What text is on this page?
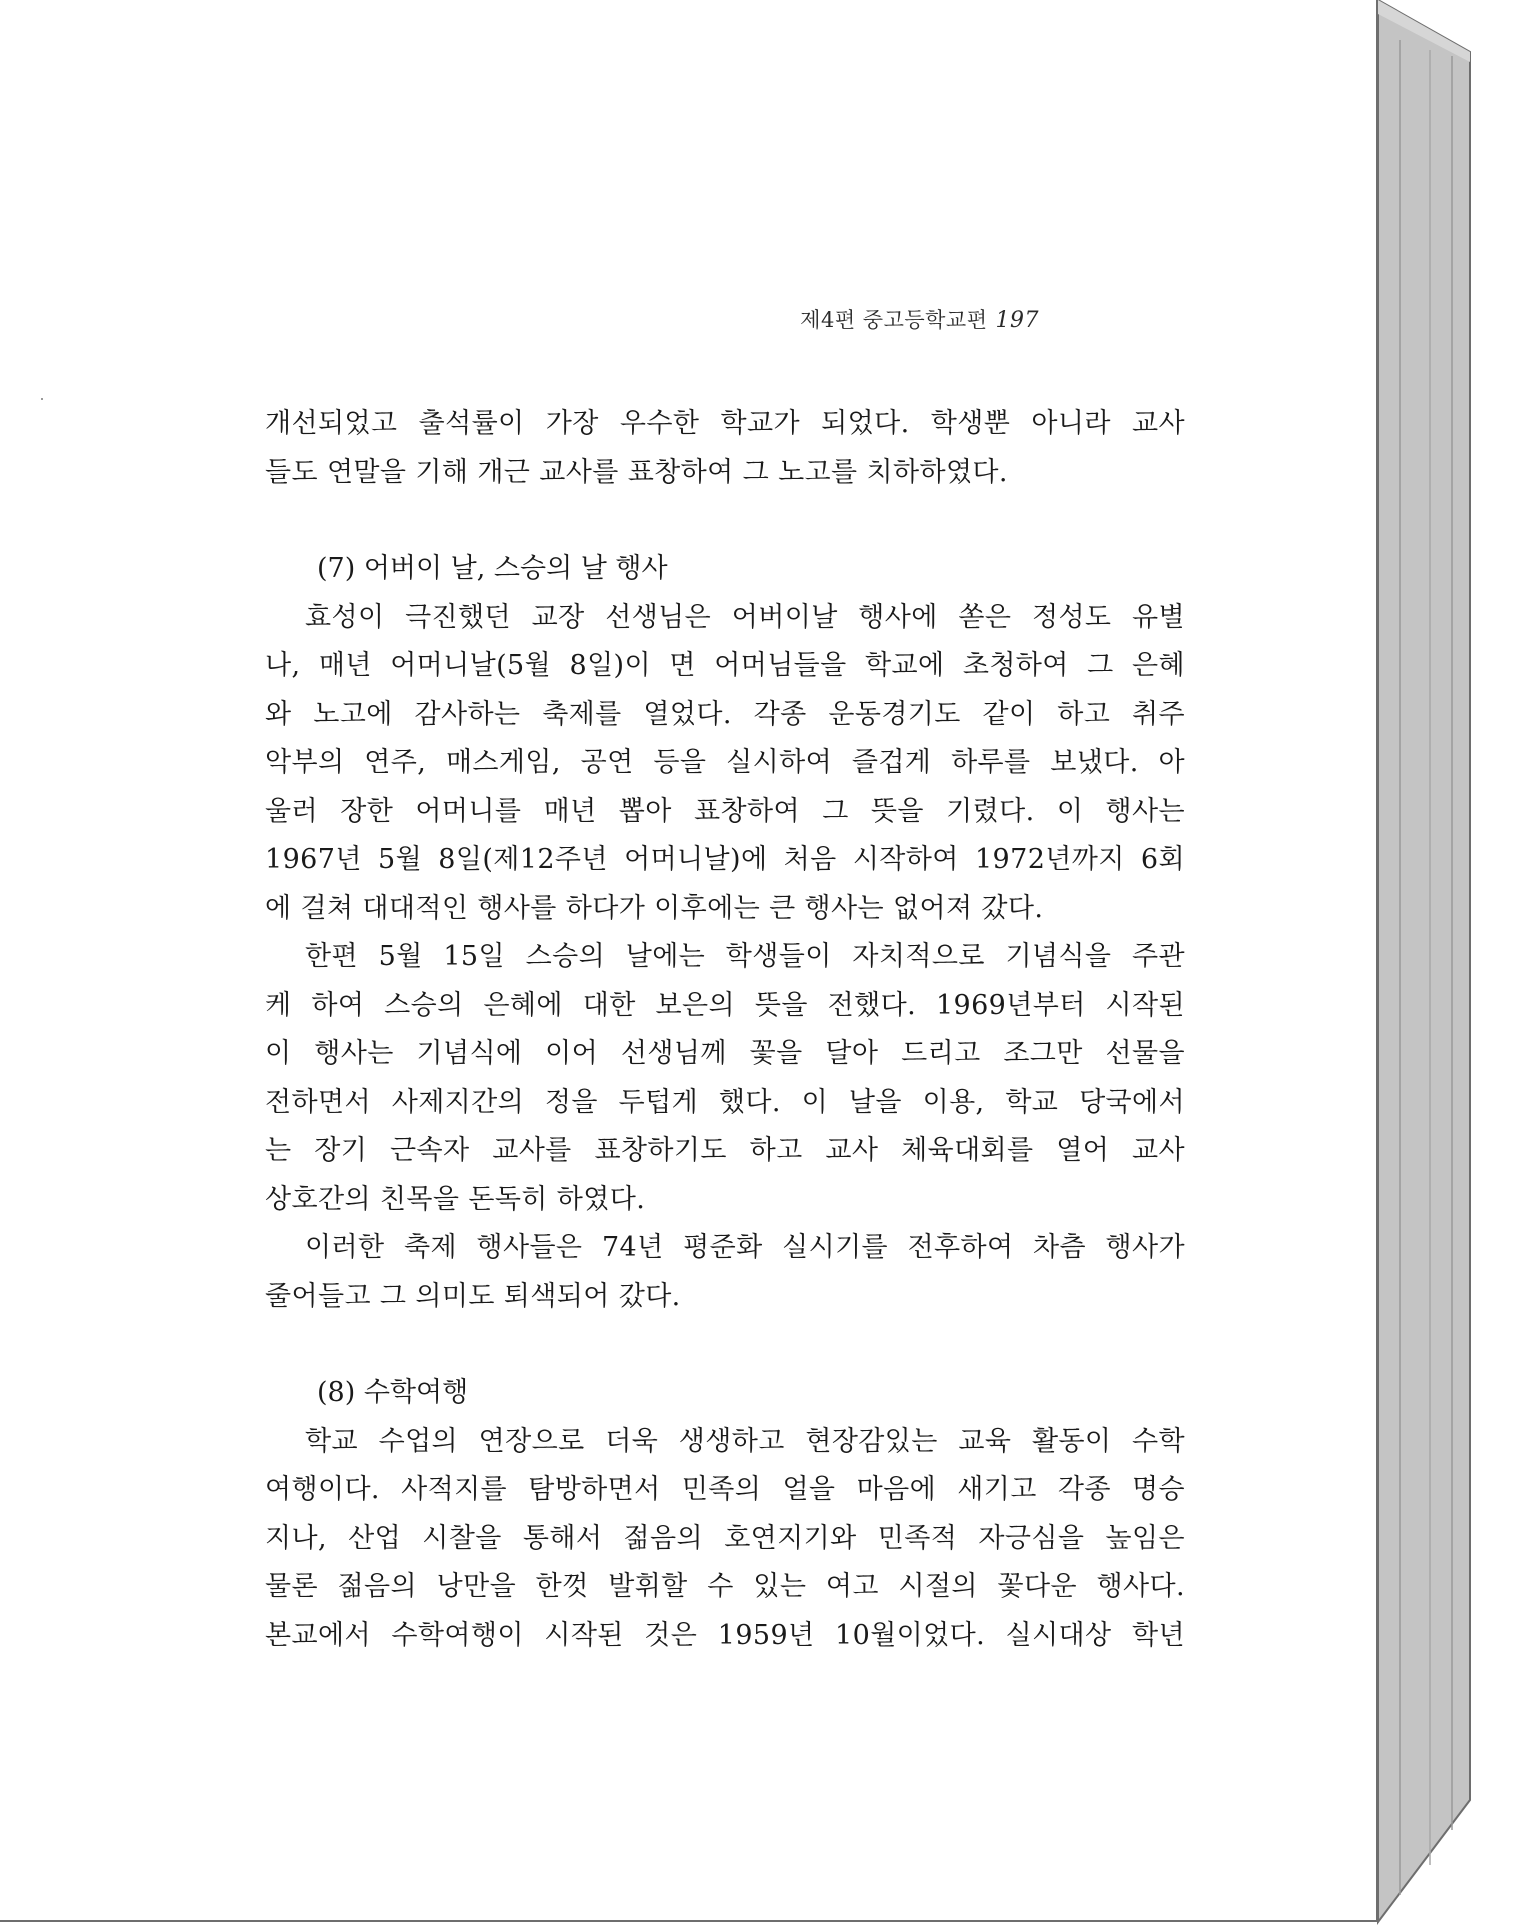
제4편 중고등학교편 197
개선되었고 출석률이 가장 우수한 학교가 되었다. 학생뿐 아니라 교사
들도 연말을 기해 개근 교사를 표창하여 그 노고를 치하하였다.
(7) 어버이 날, 스승의 날 행사
효성이 극진했던 교장 선생님은 어버이날 행사에 쏟은 정성도 유별
나, 매년 어머니날(5월 8일)이 면 어머님들을 학교에 초청하여 그 은혜
와 노고에 감사하는 축제를 열었다. 각종 운동경기도 같이 하고 취주
악부의 연주, 매스게임, 공연 등을 실시하여 즐겁게 하루를 보냈다. 아
울러 장한 어머니를 매년 뽑아 표창하여 그 뜻을 기렸다. 이 행사는
1967년 5월 8일(제12주년 어머니날)에 처음 시작하여 1972년까지 6회
에 걸쳐 대대적인 행사를 하다가 이후에는 큰 행사는 없어져 갔다.
한편 5월 15일 스승의 날에는 학생들이 자치적으로 기념식을 주관
케 하여 스승의 은혜에 대한 보은의 뜻을 전했다. 1969년부터 시작된
이 행사는 기념식에 이어 선생님께 꽃을 달아 드리고 조그만 선물을
전하면서 사제지간의 정을 두텁게 했다. 이 날을 이용, 학교 당국에서
는 장기 근속자 교사를 표창하기도 하고 교사 체육대회를 열어 교사
상호간의 친목을 돈독히 하였다.
이러한 축제 행사들은 74년 평준화 실시기를 전후하여 차츰 행사가
줄어들고 그 의미도 퇴색되어 갔다.
(8) 수학여행
학교 수업의 연장으로 더욱 생생하고 현장감있는 교육 활동이 수학
여행이다. 사적지를 탐방하면서 민족의 얼을 마음에 새기고 각종 명승
지나, 산업 시찰을 통해서 젊음의 호연지기와 민족적 자긍심을 높임은
물론 젊음의 낭만을 한껏 발휘할 수 있는 여고 시절의 꽃다운 행사다.
본교에서 수학여행이 시작된 것은 1959년 10월이었다. 실시대상 학년
